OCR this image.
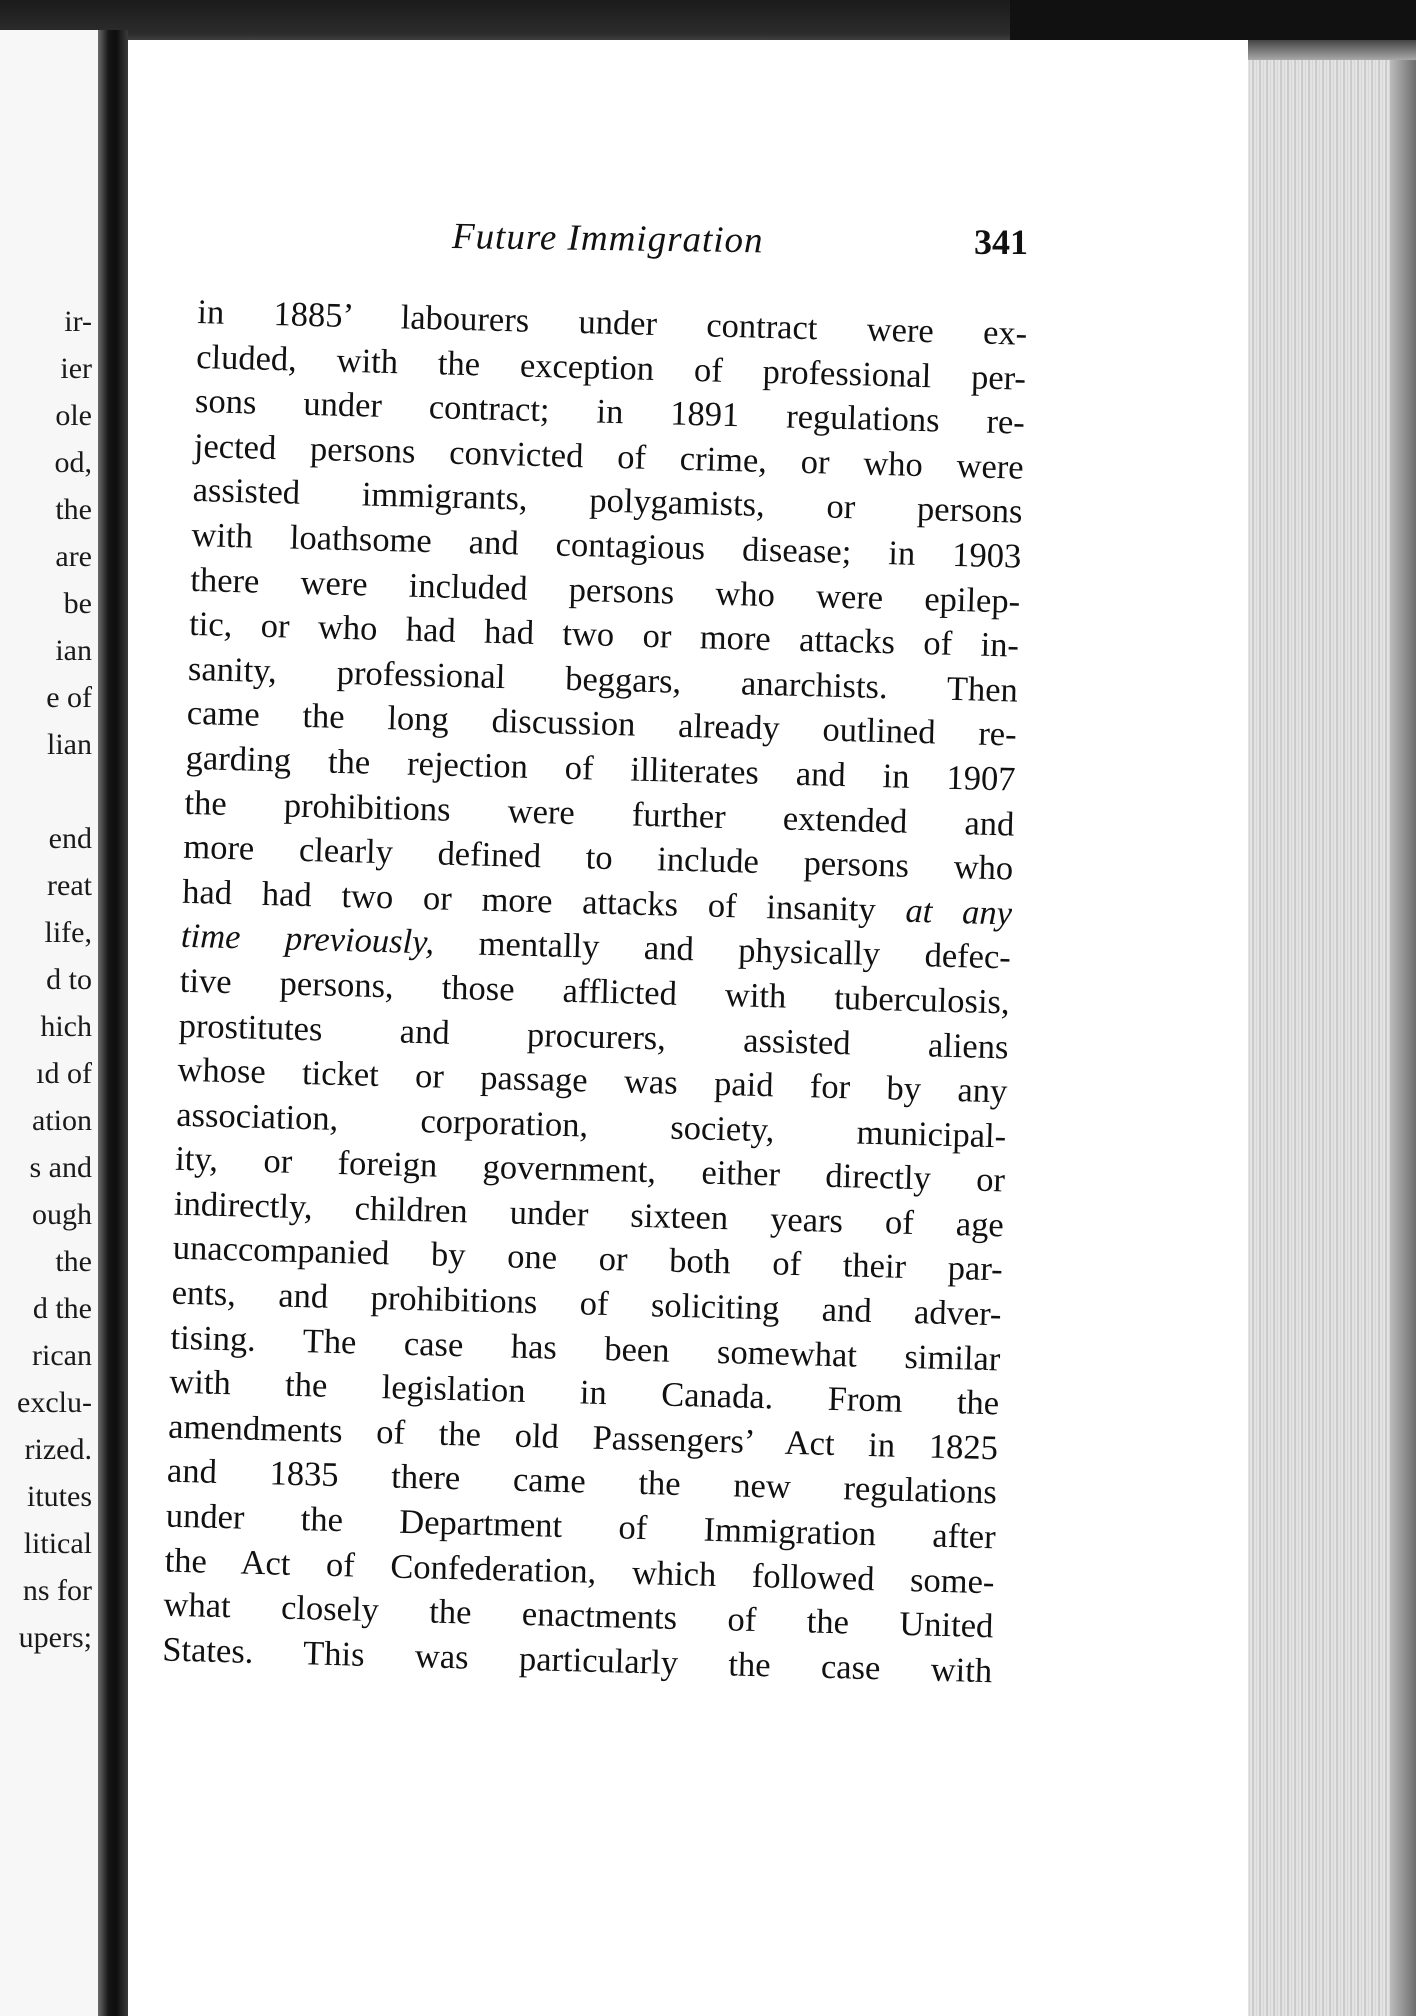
ir-
ier
ole
od,
the
are
be
ian
e of
lian
end
reat
life,
d to
hich
ıd of
ation
s and
ough
the
d the
rican
exclu-
rized.
itutes
litical
ns for
upers;
Future Immigration	341
in 1885’ labourers under contract were ex-
cluded, with the exception of professional per-
sons under contract; in 1891 regulations re-
jected persons convicted of crime, or who were
assisted immigrants, polygamists, or persons
with loathsome and contagious disease; in 1903
there were included persons who were epilep-
tic, or who had had two or more attacks of in-
sanity, professional beggars, anarchists. Then
came the long discussion already outlined re-
garding the rejection of illiterates and in 1907
the prohibitions were further extended and
more clearly defined to include persons who
had had two or more attacks of insanity at any
time previously, mentally and physically defec-
tive persons, those afflicted with tuberculosis,
prostitutes and procurers, assisted aliens
whose ticket or passage was paid for by any
association, corporation, society, municipal-
ity, or foreign government, either directly or
indirectly, children under sixteen years of age
unaccompanied by one or both of their par-
ents, and prohibitions of soliciting and adver-
tising. The case has been somewhat similar
with the legislation in Canada. From the
amendments of the old Passengers’ Act in 1825
and 1835 there came the new regulations
under the Department of Immigration after
the Act of Confederation, which followed some-
what closely the enactments of the United
States. This was particularly the case with
